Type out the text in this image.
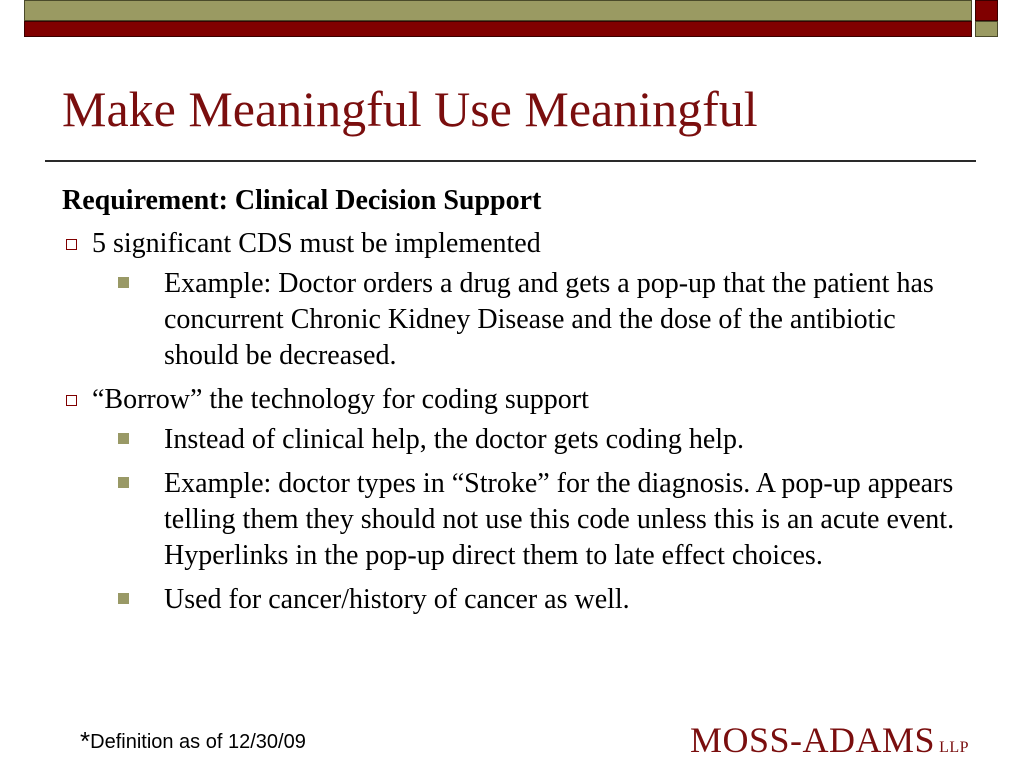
Make Meaningful Use Meaningful
Requirement: Clinical Decision Support
5 significant CDS must be implemented
Example: Doctor orders a drug and gets a pop-up that the patient has concurrent Chronic Kidney Disease and the dose of the antibiotic should be decreased.
“Borrow” the technology for coding support
Instead of clinical help, the doctor gets coding help.
Example: doctor types in “Stroke” for the diagnosis. A pop-up appears telling them they should not use this code unless this is an acute event. Hyperlinks in the pop-up direct them to late effect choices.
Used for cancer/history of cancer as well.
*Definition as of 12/30/09	MOSS-ADAMS LLP
